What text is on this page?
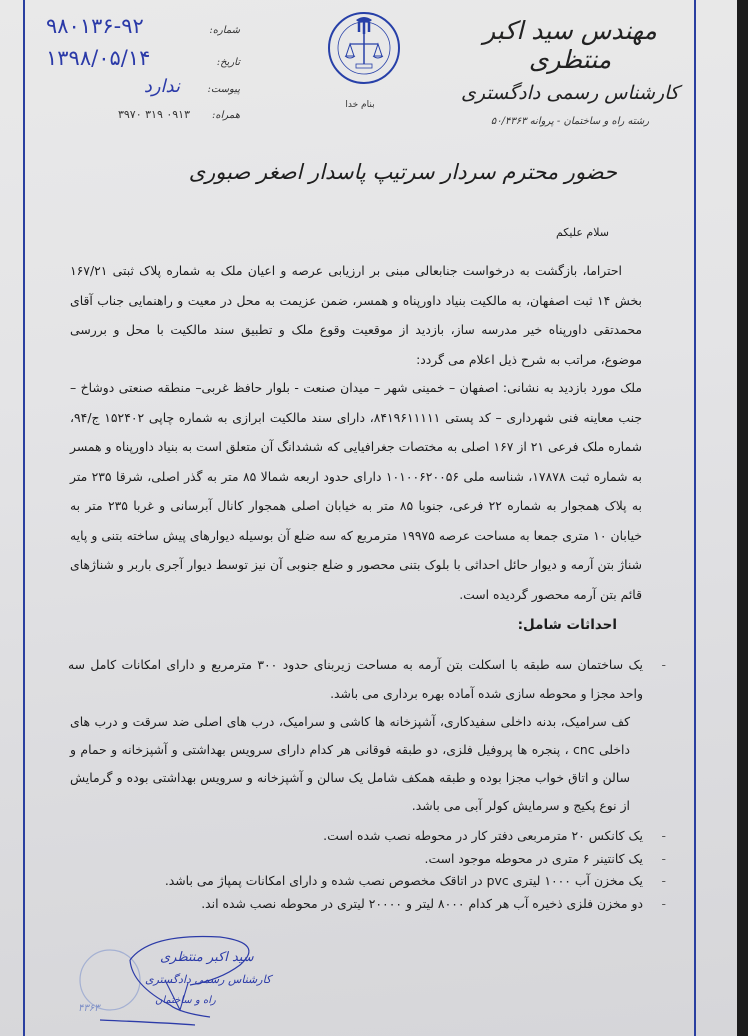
شماره:
۹۸۰۱۳۶-۹۲
تاریخ:
۱۳۹۸/۰۵/۱۴
پیوست:
ندارد
همراه:
۰۹۱۳ ۳۱۹ ۳۹۷۰
بنام خدا
مهندس سید اکبر منتظری
کارشناس رسمی دادگستری
رشته راه و ساختمان - پروانه ۵۰/۴۳۶۳
حضور محترم سردار سرتیپ پاسدار اصغر صبوری
سلام علیکم

احتراما، بازگشت به درخواست جنابعالی مبنی بر ارزیابی عرصه و اعیان ملک به شماره پلاک ثبتی ۱۶۷/۲۱ بخش ۱۴ ثبت اصفهان، به مالکیت بنیاد داورپناه و همسر، ضمن عزیمت به محل در معیت و راهنمایی جناب آقای محمدتقی داورپناه خیر مدرسه ساز، بازدید از موقعیت وقوع ملک و تطبیق سند مالکیت با محل و بررسی موضوع، مراتب به شرح ذیل اعلام می گردد:

ملک مورد بازدید به نشانی: اصفهان – خمینی شهر – میدان صنعت - بلوار حافظ غربی– منطقه صنعتی دوشاخ – جنب معاینه فنی شهرداری – کد پستی ۸۴۱۹۶۱۱۱۱۱، دارای سند مالکیت ابرازی به شماره چاپی ۱۵۲۴۰۲ ج/۹۴، شماره ملک فرعی ۲۱ از ۱۶۷ اصلی به مختصات جغرافیایی که ششدانگ آن متعلق است به بنیاد داورپناه و همسر به شماره ثبت ۱۷۸۷۸، شناسه ملی ۱۰۱۰۰۶۲۰۰۵۶ دارای حدود اربعه شمالا ۸۵ متر به گذر اصلی، شرقا ۲۳۵ متر به پلاک همجوار به شماره ۲۲ فرعی، جنوبا ۸۵ متر به خیابان اصلی همجوار کانال آبرسانی و غربا ۲۳۵ متر به خیابان ۱۰ متری جمعا به مساحت عرصه ۱۹۹۷۵ مترمربع که سه ضلع آن بوسیله دیوارهای پیش ساخته بتنی و پایه شناژ بتن آرمه و دیوار حائل احداثی با بلوک بتنی محصور و ضلع جنوبی آن نیز توسط دیوار آجری باربر و شناژهای قائم بتن آرمه محصور گردیده است.

احداثات شامل:
-
یک ساختمان سه طبقه با اسکلت بتن آرمه به مساحت زیربنای حدود ۳۰۰ مترمربع و دارای امکانات کامل سه واحد مجزا و محوطه سازی شده آماده بهره برداری می باشد.

کف سرامیک، بدنه داخلی سفیدکاری، آشپزخانه ها کاشی و سرامیک، درب های اصلی ضد سرقت و درب های داخلی cnc ، پنجره ها پروفیل فلزی، دو طبقه فوقانی هر کدام دارای سرویس بهداشتی و آشپزخانه و حمام و سالن و اتاق خواب مجزا بوده و طبقه همکف شامل یک سالن و آشپزخانه و سرویس بهداشتی بوده و گرمایش از نوع پکیج و سرمایش کولر آبی می باشد.

-
یک کانکس ۲۰ مترمربعی دفتر کار در محوطه نصب شده است.
-
یک کانتینر ۶ متری در محوطه موجود است.
-
یک مخزن آب ۱۰۰۰ لیتری pvc در اتاقک مخصوص نصب شده و دارای امکانات پمپاژ می باشد.
-
دو مخزن فلزی ذخیره آب هر کدام ۸۰۰۰ لیتر و ۲۰۰۰۰ لیتری در محوطه نصب شده اند.
سید اکبر منتظری
کارشناس رسمی دادگستری
راه و ساختمان
۴۳۶۳
